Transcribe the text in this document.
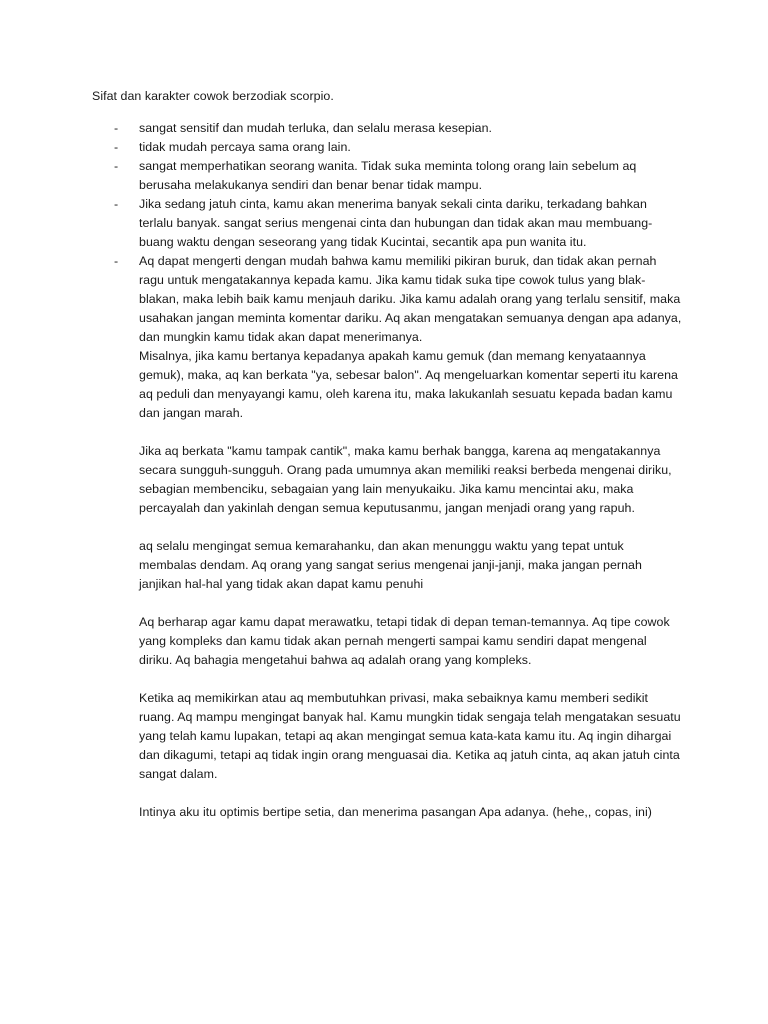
Sifat dan karakter cowok berzodiak scorpio.

- sangat sensitif dan mudah terluka, dan selalu merasa kesepian.

- tidak mudah percaya sama orang lain.

- sangat memperhatikan seorang wanita. Tidak suka meminta tolong orang lain sebelum aq berusaha melakukanya sendiri dan benar benar tidak mampu.

- Jika sedang jatuh cinta, kamu akan menerima banyak sekali cinta dariku, terkadang bahkan terlalu banyak. sangat serius mengenai cinta dan hubungan dan tidak akan mau membuang-buang waktu dengan seseorang yang tidak Kucintai, secantik apa pun wanita itu.

- Aq dapat mengerti dengan mudah bahwa kamu memiliki pikiran buruk, dan tidak akan pernah ragu untuk mengatakannya kepada kamu. Jika kamu tidak suka tipe cowok tulus yang blak-blakan, maka lebih baik kamu menjauh dariku. Jika kamu adalah orang yang terlalu sensitif, maka usahakan jangan meminta komentar dariku. Aq akan mengatakan semuanya dengan apa adanya, dan mungkin kamu tidak akan dapat menerimanya.

Misalnya, jika kamu bertanya kepadanya apakah kamu gemuk (dan memang kenyataannya gemuk), maka, aq kan berkata "ya, sebesar balon". Aq mengeluarkan komentar seperti itu karena aq peduli dan menyayangi kamu, oleh karena itu, maka lakukanlah sesuatu kepada badan kamu dan jangan marah.

Jika aq berkata "kamu tampak cantik", maka kamu berhak bangga, karena aq mengatakannya secara sungguh-sungguh. Orang pada umumnya akan memiliki reaksi berbeda mengenai diriku, sebagian membenciku, sebagaian yang lain menyukaiku. Jika kamu mencintai aku, maka percayalah dan yakinlah dengan semua keputusanmu, jangan menjadi orang yang rapuh.

aq selalu mengingat semua kemarahanku, dan akan menunggu waktu yang tepat untuk membalas dendam. Aq orang yang sangat serius mengenai janji-janji, maka jangan pernah janjikan hal-hal yang tidak akan dapat kamu penuhi

Aq berharap agar kamu dapat merawatku, tetapi tidak di depan teman-temannya. Aq tipe cowok yang kompleks dan kamu tidak akan pernah mengerti sampai kamu sendiri dapat mengenal diriku. Aq bahagia mengetahui bahwa aq adalah orang yang kompleks.

Ketika aq memikirkan atau aq membutuhkan privasi, maka sebaiknya kamu memberi sedikit ruang. Aq mampu mengingat banyak hal. Kamu mungkin tidak sengaja telah mengatakan sesuatu yang telah kamu lupakan, tetapi aq akan mengingat semua kata-kata kamu itu. Aq ingin dihargai dan dikagumi, tetapi aq tidak ingin orang menguasai dia. Ketika aq jatuh cinta, aq akan jatuh cinta sangat dalam.

Intinya aku itu optimis bertipe setia, dan menerima pasangan Apa adanya. (hehe,, copas, ini)
